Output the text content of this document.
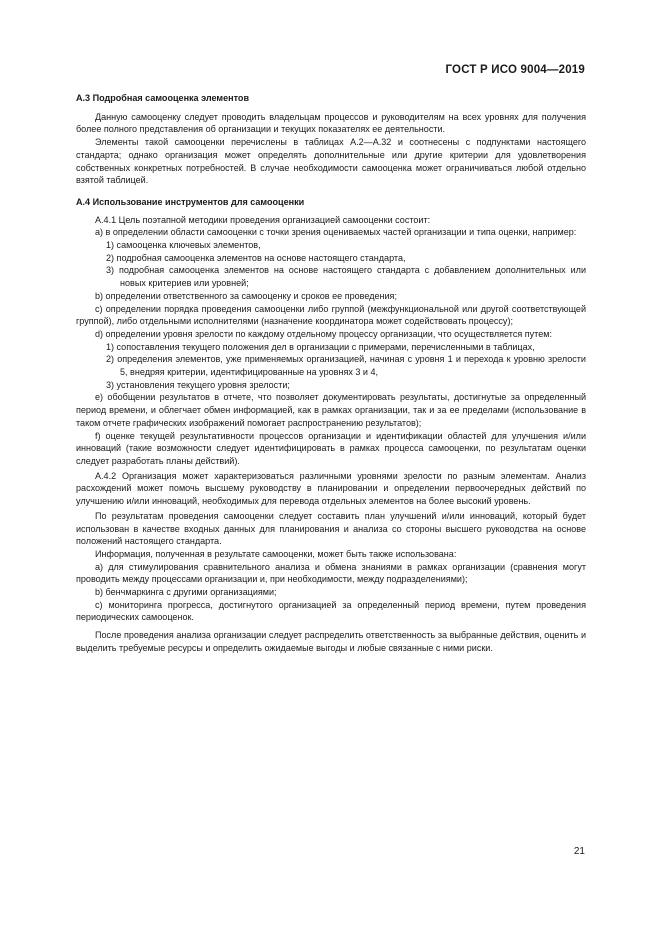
ГОСТ Р ИСО 9004—2019

А.3 Подробная самооценка элементов

Данную самооценку следует проводить владельцам процессов и руководителям на всех уровнях для получения более полного представления об организации и текущих показателях ее деятельности.

Элементы такой самооценки перечислены в таблицах А.2—А.32 и соотнесены с подпунктами настоящего стандарта; однако организация может определять дополнительные или другие критерии для удовлетворения собственных конкретных потребностей. В случае необходимости самооценка может ограничиваться любой отдельно взятой таблицей.

А.4 Использование инструментов для самооценки

А.4.1 Цель поэтапной методики проведения организацией самооценки состоит:

а) в определении области самооценки с точки зрения оцениваемых частей организации и типа оценки, например:

1) самооценка ключевых элементов,

2) подробная самооценка элементов на основе настоящего стандарта,

3) подробная самооценка элементов на основе настоящего стандарта с добавлением дополнительных или новых критериев или уровней;

b) определении ответственного за самооценку и сроков ее проведения;

c) определении порядка проведения самооценки либо группой (межфункциональной или другой соответствующей группой), либо отдельными исполнителями (назначение координатора может содействовать процессу);

d) определении уровня зрелости по каждому отдельному процессу организации, что осуществляется путем:

1) сопоставления текущего положения дел в организации с примерами, перечисленными в таблицах,

2) определения элементов, уже применяемых организацией, начиная с уровня 1 и перехода к уровню зрелости 5, внедряя критерии, идентифицированные на уровнях 3 и 4,

3) установления текущего уровня зрелости;

e) обобщении результатов в отчете, что позволяет документировать результаты, достигнутые за определенный период времени, и облегчает обмен информацией, как в рамках организации, так и за ее пределами (использование в таком отчете графических изображений помогает распространению результатов);

f) оценке текущей результативности процессов организации и идентификации областей для улучшения и/или инноваций (такие возможности следует идентифицировать в рамках процесса самооценки, по результатам оценки следует разработать планы действий).

А.4.2 Организация может характеризоваться различными уровнями зрелости по разным элементам. Анализ расхождений может помочь высшему руководству в планировании и определении первоочередных действий по улучшению и/или инноваций, необходимых для перевода отдельных элементов на более высокий уровень.

По результатам проведения самооценки следует составить план улучшений и/или инноваций, который будет использован в качестве входных данных для планирования и анализа со стороны высшего руководства на основе положений настоящего стандарта.

Информация, полученная в результате самооценки, может быть также использована:

а) для стимулирования сравнительного анализа и обмена знаниями в рамках организации (сравнения могут проводить между процессами организации и, при необходимости, между подразделениями);

b) бенчмаркинга с другими организациями;

c) мониторинга прогресса, достигнутого организацией за определенный период времени, путем проведения периодических самооценок.

После проведения анализа организации следует распределить ответственность за выбранные действия, оценить и выделить требуемые ресурсы и определить ожидаемые выгоды и любые связанные с ними риски.

21
